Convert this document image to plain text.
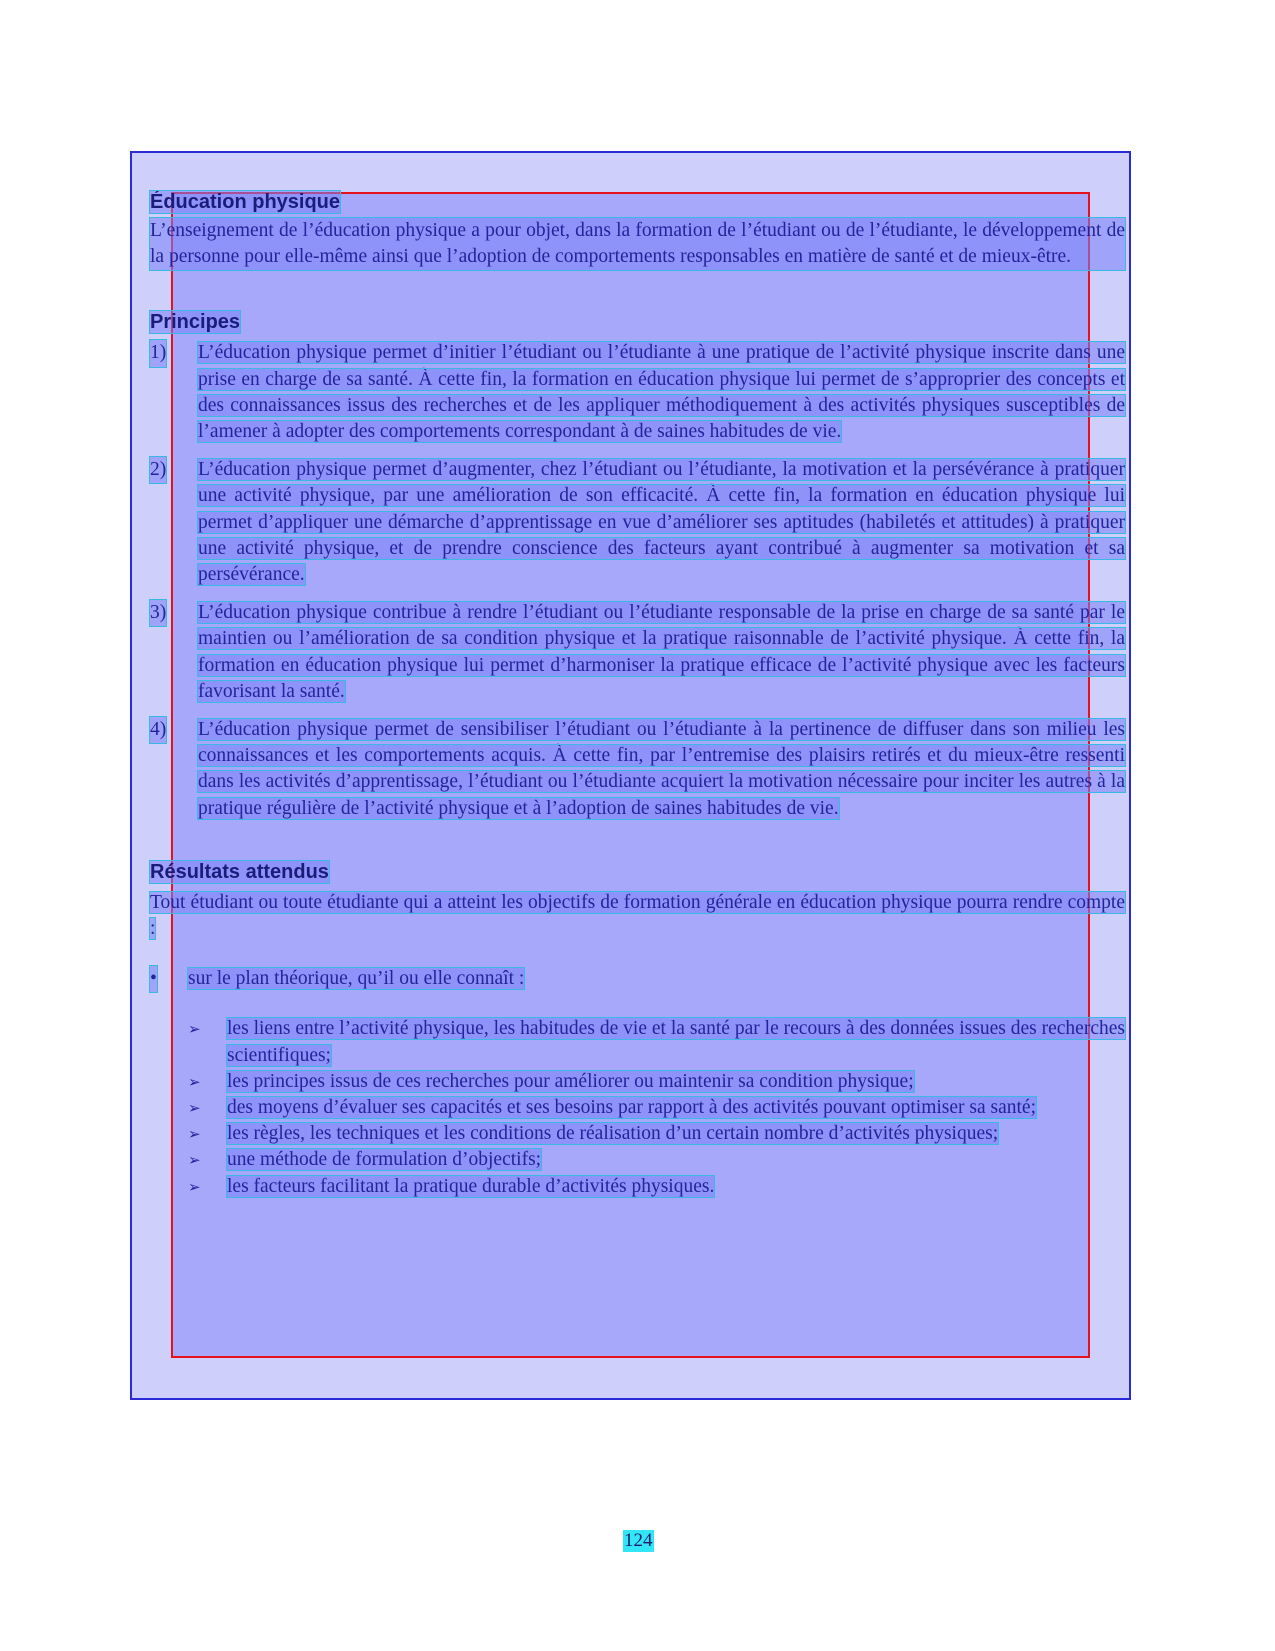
Éducation physique

L’enseignement de l’éducation physique a pour objet, dans la formation de l’étudiant ou de l’étudiante, le développement de la personne pour elle-même ainsi que l’adoption de comportements responsables en matière de santé et de mieux-être.

Principes
1) L’éducation physique permet d’initier l’étudiant ou l’étudiante à une pratique de l’activité physique inscrite dans une prise en charge de sa santé. À cette fin, la formation en éducation physique lui permet de s’approprier des concepts et des connaissances issus des recherches et de les appliquer méthodiquement à des activités physiques susceptibles de l’amener à adopter des comportements correspondant à de saines habitudes de vie.
2) L’éducation physique permet d’augmenter, chez l’étudiant ou l’étudiante, la motivation et la persévérance à pratiquer une activité physique, par une amélioration de son efficacité. À cette fin, la formation en éducation physique lui permet d’appliquer une démarche d’apprentissage en vue d’améliorer ses aptitudes (habiletés et attitudes) à pratiquer une activité physique, et de prendre conscience des facteurs ayant contribué à augmenter sa motivation et sa persévérance.
3) L’éducation physique contribue à rendre l’étudiant ou l’étudiante responsable de la prise en charge de sa santé par le maintien ou l’amélioration de sa condition physique et la pratique raisonnable de l’activité physique. À cette fin, la formation en éducation physique lui permet d’harmoniser la pratique efficace de l’activité physique avec les facteurs favorisant la santé.
4) L’éducation physique permet de sensibiliser l’étudiant ou l’étudiante à la pertinence de diffuser dans son milieu les connaissances et les comportements acquis. À cette fin, par l’entremise des plaisirs retirés et du mieux-être ressenti dans les activités d’apprentissage, l’étudiant ou l’étudiante acquiert la motivation nécessaire pour inciter les autres à la pratique régulière de l’activité physique et à l’adoption de saines habitudes de vie.
Résultats attendus

Tout étudiant ou toute étudiante qui a atteint les objectifs de formation générale en éducation physique pourra rendre compte :

• sur le plan théorique, qu’il ou elle connaît :
➢ les liens entre l’activité physique, les habitudes de vie et la santé par le recours à des données issues des recherches scientifiques;
➢ les principes issus de ces recherches pour améliorer ou maintenir sa condition physique;
➢ des moyens d’évaluer ses capacités et ses besoins par rapport à des activités pouvant optimiser sa santé;
➢ les règles, les techniques et les conditions de réalisation d’un certain nombre d’activités physiques;
➢ une méthode de formulation d’objectifs;
➢ les facteurs facilitant la pratique durable d’activités physiques.
124
